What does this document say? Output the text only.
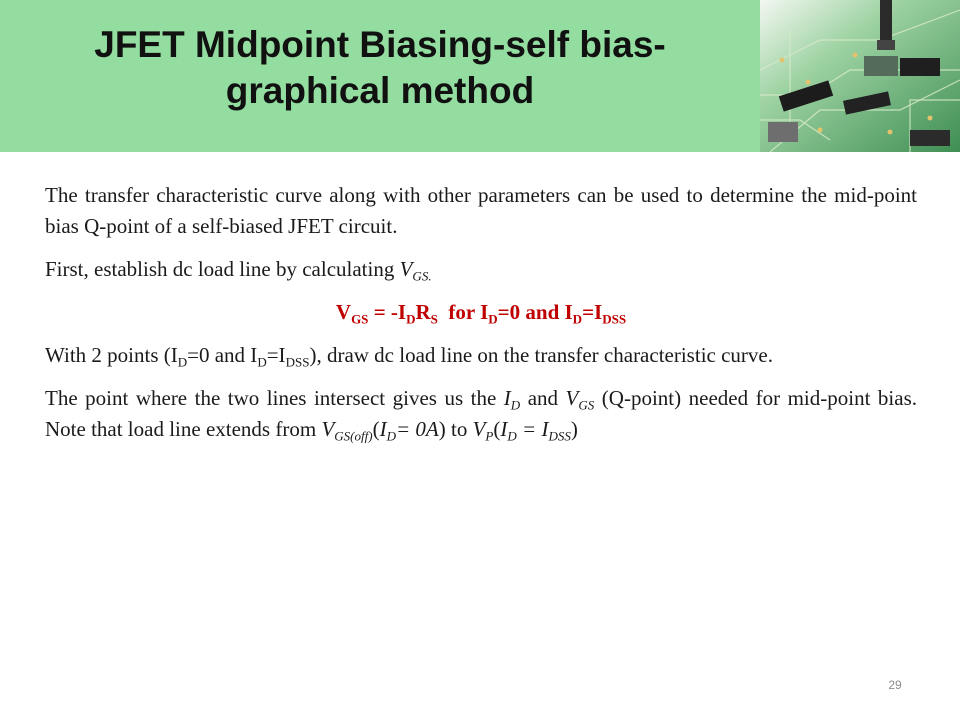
JFET Midpoint Biasing-self bias-
graphical method

The transfer characteristic curve along with other parameters can be used to determine the mid-point bias Q-point of a self-biased JFET circuit.

First, establish dc load line by calculating $V_{GS.}$

$V_{GS} = -I_DR_S$  for $I_D=0$ and $I_D=I_{DSS}$

With 2 points ($I_D=0$ and $I_D=I_{DSS}$), draw dc load line on the transfer characteristic curve.

The point where the two lines intersect gives us the $I_D$ and $V_{GS}$ (Q-point) needed for mid-point bias. Note that load line extends from $V_{GS(off)}(I_D= 0A)$ to $V_P(I_D = I_{DSS})$

29
